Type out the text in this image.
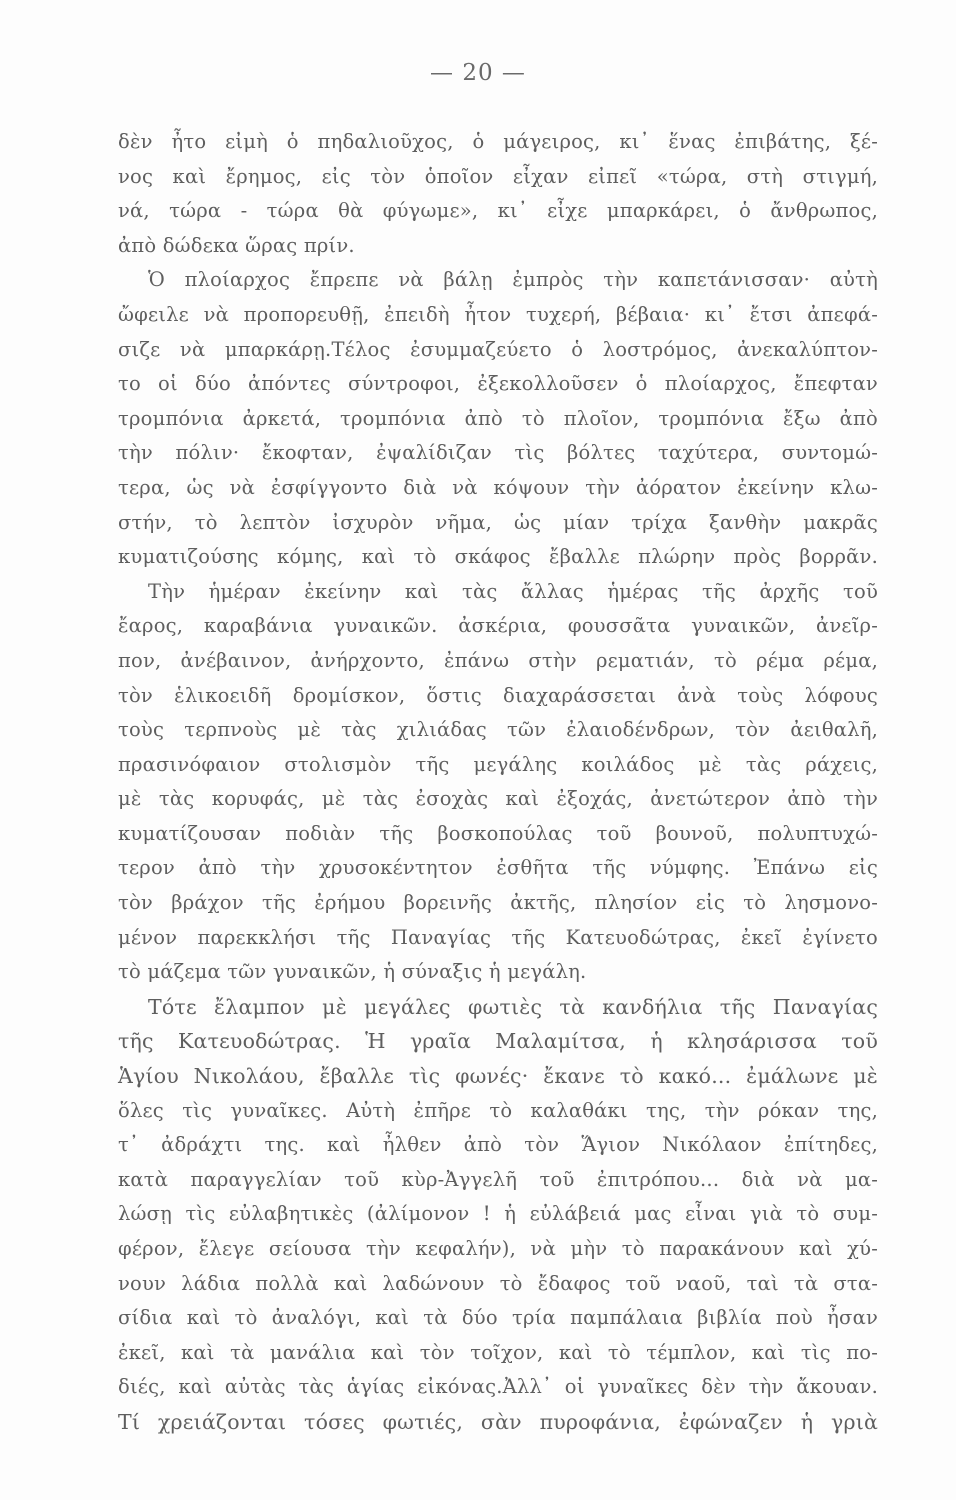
— 20 —
δὲν ἦτο εἰμὴ ὁ πηδαλιοῦχος, ὁ μάγειρος, κι᾽ ἕνας ἐπιβάτης, ξέ-
νος καὶ ἔρημος, εἰς τὸν ὁποῖον εἶχαν εἰπεῖ «τώρα, στὴ στιγμή,
νά, τώρα - τώρα θὰ φύγωμε», κι᾽ εἶχε μπαρκάρει, ὁ ἄνθρωπος,
ἀπὸ δώδεκα ὥρας πρίν.
Ὁ πλοίαρχος ἔπρεπε νὰ βάλῃ ἐμπρὸς τὴν καπετάνισσαν· αὐτὴ
ὤφειλε νὰ προπορευθῇ, ἐπειδὴ ἦτον τυχερή, βέβαια· κι᾽ ἔτσι ἀπεφά-
σιζε νὰ μπαρκάρῃ.Τέλος ἐσυμμαζεύετο ὁ λοστρόμος, ἀνεκαλύπτον-
το οἱ δύο ἀπόντες σύντροφοι, ἐξεκολλοῦσεν ὁ πλοίαρχος, ἔπεφταν
τρομπόνια ἀρκετά, τρομπόνια ἀπὸ τὸ πλοῖον, τρομπόνια ἔξω ἀπὸ
τὴν πόλιν· ἔκοφταν, ἐψαλίδιζαν τὶς βόλτες ταχύτερα, συντομώ-
τερα, ὡς νὰ ἐσφίγγοντο διὰ νὰ κόψουν τὴν ἀόρατον ἐκείνην κλω-
στήν, τὸ λεπτὸν ἰσχυρὸν νῆμα, ὡς μίαν τρίχα ξανθὴν μακρᾶς
κυματιζούσης κόμης, καὶ τὸ σκάφος ἔβαλλε πλώρην πρὸς βορρᾶν.
Τὴν ἡμέραν ἐκείνην καὶ τὰς ἄλλας ἡμέρας τῆς ἀρχῆς τοῦ
ἔαρος, καραβάνια γυναικῶν. ἀσκέρια, φουσσᾶτα γυναικῶν, ἀνεῖρ-
πον, ἀνέβαινον, ἀνήρχοντο, ἐπάνω στὴν ρεματιάν, τὸ ρέμα ρέμα,
τὸν ἑλικοειδῆ δρομίσκον, ὅστις διαχαράσσεται ἀνὰ τοὺς λόφους
τοὺς τερπνοὺς μὲ τὰς χιλιάδας τῶν ἐλαιοδένδρων, τὸν ἀειθαλῆ,
πρασινόφαιον στολισμὸν τῆς μεγάλης κοιλάδος μὲ τὰς ράχεις,
μὲ τὰς κορυφάς, μὲ τὰς ἐσοχὰς καὶ ἐξοχάς, ἀνετώτερον ἀπὸ τὴν
κυματίζουσαν ποδιὰν τῆς βοσκοπούλας τοῦ βουνοῦ, πολυπτυχώ-
τερον ἀπὸ τὴν χρυσοκέντητον ἐσθῆτα τῆς νύμφης. Ἐπάνω εἰς
τὸν βράχον τῆς ἐρήμου βορεινῆς ἀκτῆς, πλησίον εἰς τὸ λησμονο-
μένον παρεκκλήσι τῆς Παναγίας τῆς Κατευοδώτρας, ἐκεῖ ἐγίνετο
τὸ μάζεμα τῶν γυναικῶν, ἡ σύναξις ἡ μεγάλη.
Τότε ἔλαμπον μὲ μεγάλες φωτιὲς τὰ κανδήλια τῆς Παναγίας
τῆς Κατευοδώτρας. Ἡ γραῖα Μαλαμίτσα, ἡ κλησάρισσα τοῦ
Ἁγίου Νικολάου, ἔβαλλε τὶς φωνές· ἔκανε τὸ κακό... ἐμάλωνε μὲ
ὅλες τὶς γυναῖκες. Αὐτὴ ἐπῆρε τὸ καλαθάκι της, τὴν ρόκαν της,
τ᾽ ἀδράχτι της. καὶ ἦλθεν ἀπὸ τὸν Ἅγιον Νικόλαον ἐπίτηδες,
κατὰ παραγγελίαν τοῦ κὺρ-Ἀγγελῆ τοῦ ἐπιτρόπου... διὰ νὰ μα-
λώσῃ τὶς εὐλαβητικὲς (ἀλίμονον ! ἡ εὐλάβειά μας εἶναι γιὰ τὸ συμ-
φέρον, ἔλεγε σείουσα τὴν κεφαλήν), νὰ μὴν τὸ παρακάνουν καὶ χύ-
νουν λάδια πολλὰ καὶ λαδώνουν τὸ ἔδαφος τοῦ ναοῦ, ταὶ τὰ στα-
σίδια καὶ τὸ ἀναλόγι, καὶ τὰ δύο τρία παμπάλαια βιβλία ποὺ ἦσαν
ἐκεῖ, καὶ τὰ μανάλια καὶ τὸν τοῖχον, καὶ τὸ τέμπλον, καὶ τὶς πο-
διές, καὶ αὐτὰς τὰς ἁγίας εἰκόνας.Ἀλλ᾽ οἱ γυναῖκες δὲν τὴν ἄκουαν.
Τί χρειάζονται τόσες φωτιές, σὰν πυροφάνια, ἐφώναζεν ἡ γριὰ
